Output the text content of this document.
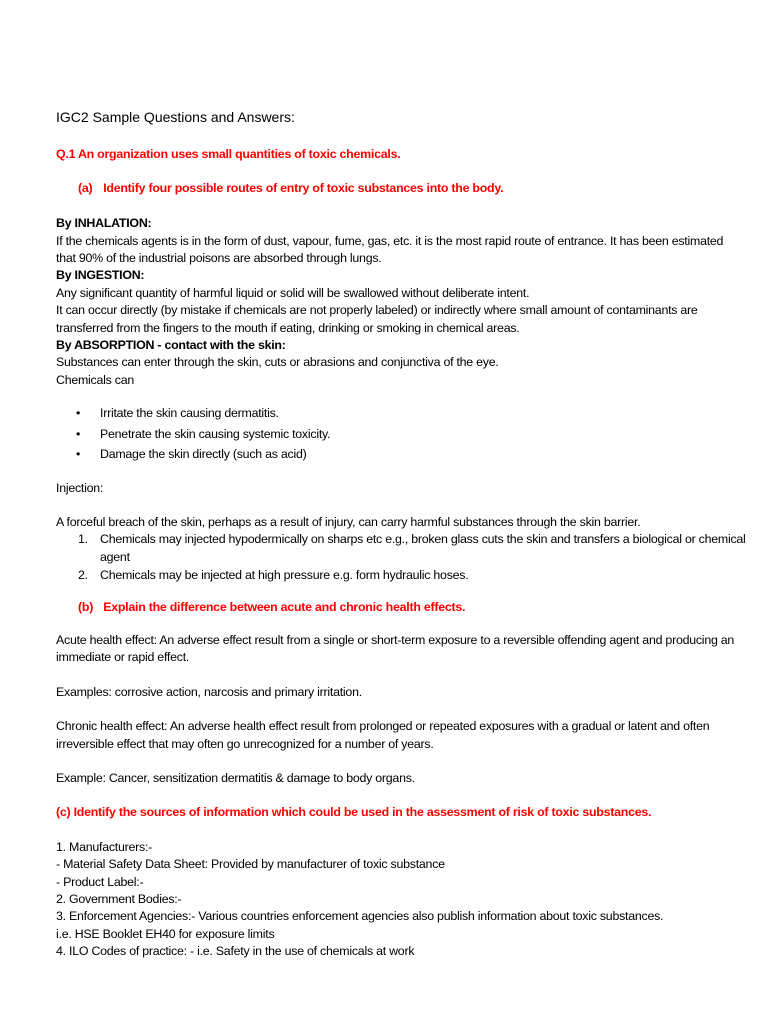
IGC2 Sample Questions and Answers:

Q.1 An organization uses small quantities of toxic chemicals.

(a) Identify four possible routes of entry of toxic substances into the body.

By INHALATION:

If the chemicals agents is in the form of dust, vapour, fume, gas, etc. it is the most rapid route of entrance. It has been estimated that 90% of the industrial poisons are absorbed through lungs.

By INGESTION:

Any significant quantity of harmful liquid or solid will be swallowed without deliberate intent.

It can occur directly (by mistake if chemicals are not properly labeled) or indirectly where small amount of contaminants are transferred from the fingers to the mouth if eating, drinking or smoking in chemical areas.

By ABSORPTION - contact with the skin:

Substances can enter through the skin, cuts or abrasions and conjunctiva of the eye.

Chemicals can

• Irritate the skin causing dermatitis.
• Penetrate the skin causing systemic toxicity.
• Damage the skin directly (such as acid)

Injection:

A forceful breach of the skin, perhaps as a result of injury, can carry harmful substances through the skin barrier.

1. Chemicals may injected hypodermically on sharps etc e.g., broken glass cuts the skin and transfers a biological or chemical agent
2. Chemicals may be injected at high pressure e.g. form hydraulic hoses.

(b) Explain the difference between acute and chronic health effects.

Acute health effect: An adverse effect result from a single or short-term exposure to a reversible offending agent and producing an immediate or rapid effect.

Examples: corrosive action, narcosis and primary irritation.

Chronic health effect: An adverse health effect result from prolonged or repeated exposures with a gradual or latent and often irreversible effect that may often go unrecognized for a number of years.

Example: Cancer, sensitization dermatitis & damage to body organs.

(c) Identify the sources of information which could be used in the assessment of risk of toxic substances.

1. Manufacturers:-

- Material Safety Data Sheet: Provided by manufacturer of toxic substance

- Product Label:-

2. Government Bodies:-

3. Enforcement Agencies:- Various countries enforcement agencies also publish information about toxic substances.

i.e. HSE Booklet EH40 for exposure limits

4. ILO Codes of practice: - i.e. Safety in the use of chemicals at work
